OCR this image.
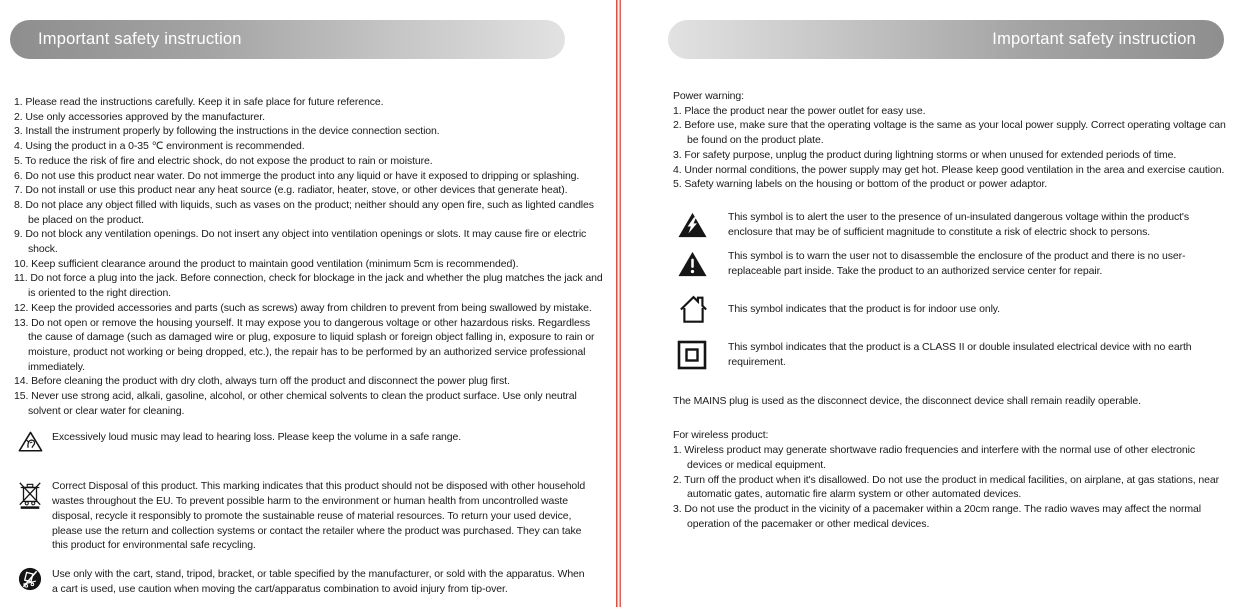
Important safety instruction
1. Please read the instructions carefully. Keep it in safe place for future reference.
2. Use only accessories approved by the manufacturer.
3. Install the instrument properly by following the instructions in the device connection section.
4. Using the product in a 0-35 ℃ environment is recommended.
5. To reduce the risk of fire and electric shock, do not expose the product to rain or moisture.
6. Do not use this product near water. Do not immerge the product into any liquid or have it exposed to dripping or splashing.
7. Do not install or use this product near any heat source (e.g. radiator, heater, stove, or other devices that generate heat).
8. Do not place any object filled with liquids, such as vases on the product; neither should any open fire, such as lighted candles be placed on the product.
9. Do not block any ventilation openings. Do not insert any object into ventilation openings or slots. It may cause fire or electric shock.
10. Keep sufficient clearance around the product to maintain good ventilation (minimum 5cm is recommended).
11. Do not force a plug into the jack. Before connection, check for blockage in the jack and whether the plug matches the jack and is oriented to the right direction.
12. Keep the provided accessories and parts (such as screws) away from children to prevent from being swallowed by mistake.
13. Do not open or remove the housing yourself. It may expose you to dangerous voltage or other hazardous risks. Regardless the cause of damage (such as damaged wire or plug, exposure to liquid splash or foreign object falling in, exposure to rain or moisture, product not working or being dropped, etc.), the repair has to be performed by an authorized service professional immediately.
14. Before cleaning the product with dry cloth, always turn off the product and disconnect the power plug first.
15. Never use strong acid, alkali, gasoline, alcohol, or other chemical solvents to clean the product surface. Use only neutral solvent or clear water for cleaning.

Excessively loud music may lead to hearing loss. Please keep the volume in a safe range.

Correct Disposal of this product. This marking indicates that this product should not be disposed with other household wastes throughout the EU. To prevent possible harm to the environment or human health from uncontrolled waste disposal, recycle it responsibly to promote the sustainable reuse of material resources. To return your used device, please use the return and collection systems or contact the retailer where the product was purchased. They can take this product for environmental safe recycling.

Use only with the cart, stand, tripod, bracket, or table specified by the manufacturer, or sold with the apparatus. When a cart is used, use caution when moving the cart/apparatus combination to avoid injury from tip-over.

Important safety instruction
Power warning:
1. Place the product near the power outlet for easy use.
2. Before use, make sure that the operating voltage is the same as your local power supply. Correct operating voltage can be found on the product plate.
3. For safety purpose, unplug the product during lightning storms or when unused for extended periods of time.
4. Under normal conditions, the power supply may get hot. Please keep good ventilation in the area and exercise caution.
5. Safety warning labels on the housing or bottom of the product or power adaptor.

This symbol is to alert the user to the presence of un-insulated dangerous voltage within the product's enclosure that may be of sufficient magnitude to constitute a risk of electric shock to persons.

This symbol is to warn the user not to disassemble the enclosure of the product and there is no user-replaceable part inside. Take the product to an authorized service center for repair.

This symbol indicates that the product is for indoor use only.

This symbol indicates that the product is a CLASS II or double insulated electrical device with no earth requirement.

The MAINS plug is used as the disconnect device, the disconnect device shall remain readily operable.

For wireless product:
1. Wireless product may generate shortwave radio frequencies and interfere with the normal use of other electronic devices or medical equipment.
2. Turn off the product when it's disallowed. Do not use the product in medical facilities, on airplane, at gas stations, near automatic gates, automatic fire alarm system or other automated devices.
3. Do not use the product in the vicinity of a pacemaker within a 20cm range. The radio waves may affect the normal operation of the pacemaker or other medical devices.
